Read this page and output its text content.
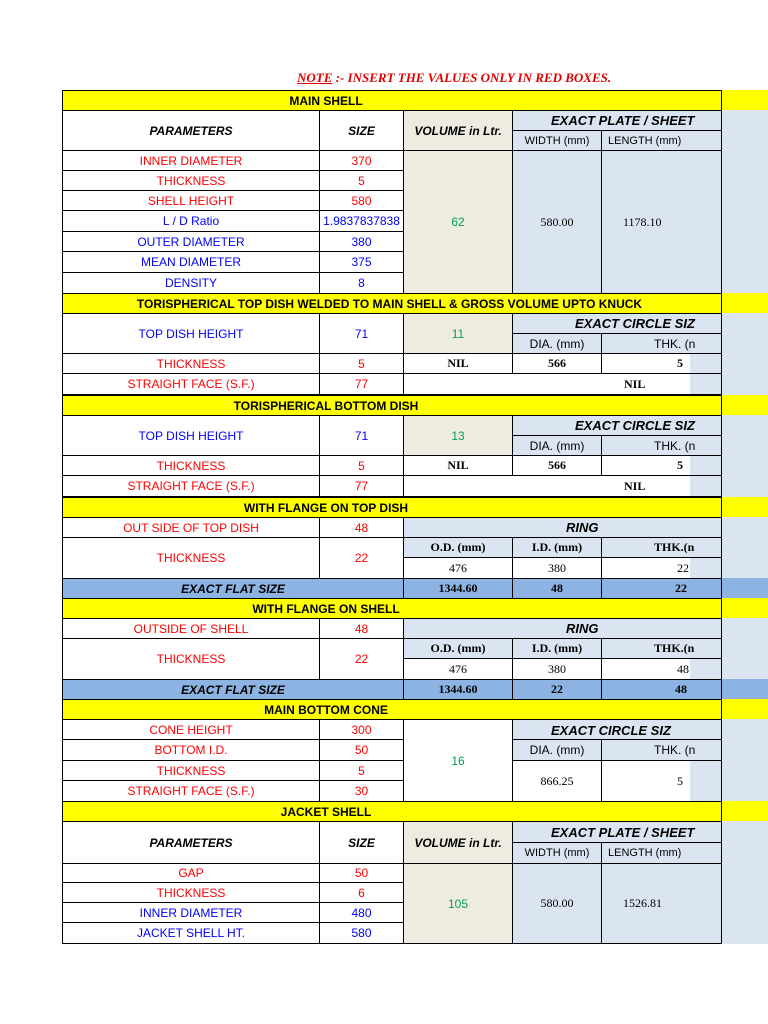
NOTE :- INSERT THE VALUES ONLY IN RED BOXES.
MAIN SHELL
PARAMETERS	SIZE	VOLUME in Ltr.
EXACT PLATE / SHEET
WIDTH (mm)	LENGTH (mm)
INNER DIAMETER	370
THICKNESS	5
SHELL HEIGHT	580
L / D Ratio	1.9837837838
OUTER DIAMETER	380
MEAN DIAMETER	375
DENSITY	8
62	580.00	1178.10
TORISPHERICAL TOP DISH WELDED TO MAIN SHELL & GROSS VOLUME UPTO KNUCK
TOP DISH HEIGHT	71	11
EXACT CIRCLE SIZ
DIA. (mm)	THK. (n
THICKNESS	5	NIL	566	5
STRAIGHT FACE (S.F.)	77	NIL
TORISPHERICAL BOTTOM DISH
TOP DISH HEIGHT	71	13
EXACT CIRCLE SIZ
DIA. (mm)	THK. (n
THICKNESS	5	NIL	566	5
STRAIGHT FACE (S.F.)	77	NIL
WITH FLANGE ON TOP DISH
OUT SIDE OF TOP DISH	48	RING
THICKNESS	22
O.D. (mm)	I.D. (mm)	THK.(n
476	380	22
EXACT FLAT SIZE	1344.60	48	22
WITH FLANGE ON SHELL
OUTSIDE OF SHELL	48	RING
THICKNESS	22
O.D. (mm)	I.D. (mm)	THK.(n
476	380	48
EXACT FLAT SIZE	1344.60	22	48
MAIN BOTTOM CONE
CONE HEIGHT	300
BOTTOM I.D.	50
THICKNESS	5
STRAIGHT FACE (S.F.)	30
16
EXACT CIRCLE SIZ
DIA. (mm)	THK. (n
866.25	5
JACKET SHELL
PARAMETERS	SIZE	VOLUME in Ltr.
EXACT PLATE / SHEET
WIDTH (mm)	LENGTH (mm)
GAP	50
THICKNESS	6
INNER DIAMETER	480
JACKET SHELL HT.	580
105	580.00	1526.81
